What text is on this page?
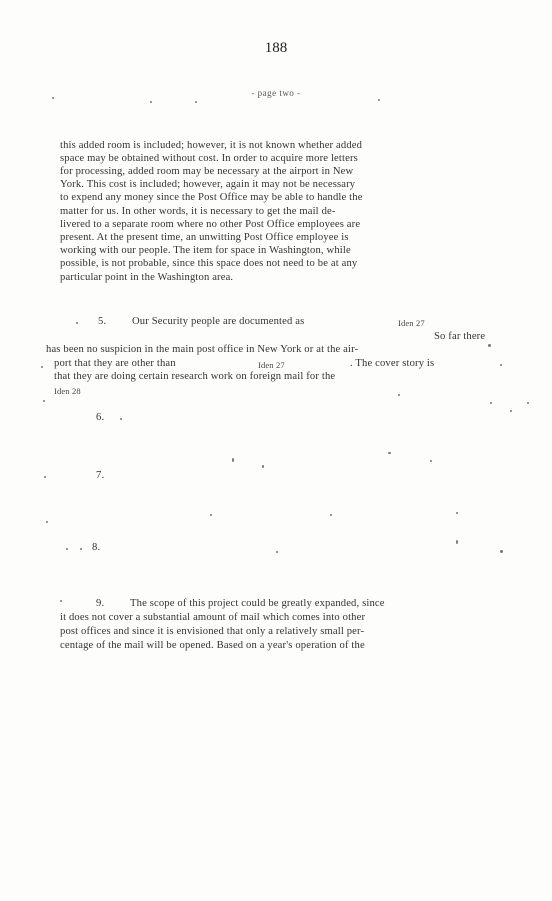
188
- page two -
this added room is included; however, it is not known whether added
space may be obtained without cost. In order to acquire more letters
for processing, added room may be necessary at the airport in New
York. This cost is included; however, again it may not be necessary
to expend any money since the Post Office may be able to handle the
matter for us. In other words, it is necessary to get the mail de-
livered to a separate room where no other Post Office employees are
present. At the present time, an unwitting Post Office employee is
working with our people. The item for space in Washington, while
possible, is not probable, since this space does not need to be at any
particular point in the Washington area.
5. Our Security people are documented as	Iden 27
So far there
has been no suspicion in the main post office in New York or at the air-
port that they are other than	Iden 27	. The cover story is
that they are doing certain research work on foreign mail for the
Iden 28
6.
7.
8.
9. The scope of this project could be greatly expanded, since
it does not cover a substantial amount of mail which comes into other
post offices and since it is envisioned that only a relatively small per-
centage of the mail will be opened. Based on a year's operation of the
